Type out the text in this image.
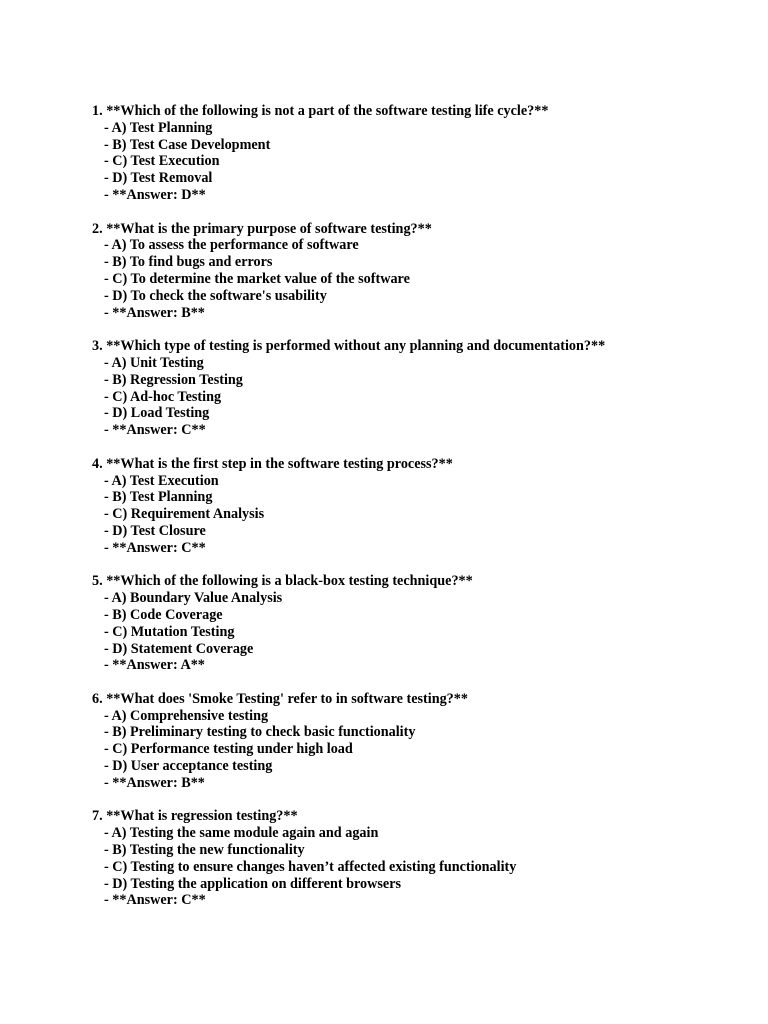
1. **Which of the following is not a part of the software testing life cycle?**
- A) Test Planning
- B) Test Case Development
- C) Test Execution
- D) Test Removal
- **Answer: D**
2. **What is the primary purpose of software testing?**
- A) To assess the performance of software
- B) To find bugs and errors
- C) To determine the market value of the software
- D) To check the software's usability
- **Answer: B**
3. **Which type of testing is performed without any planning and documentation?**
- A) Unit Testing
- B) Regression Testing
- C) Ad-hoc Testing
- D) Load Testing
- **Answer: C**
4. **What is the first step in the software testing process?**
- A) Test Execution
- B) Test Planning
- C) Requirement Analysis
- D) Test Closure
- **Answer: C**
5. **Which of the following is a black-box testing technique?**
- A) Boundary Value Analysis
- B) Code Coverage
- C) Mutation Testing
- D) Statement Coverage
- **Answer: A**
6. **What does 'Smoke Testing' refer to in software testing?**
- A) Comprehensive testing
- B) Preliminary testing to check basic functionality
- C) Performance testing under high load
- D) User acceptance testing
- **Answer: B**
7. **What is regression testing?**
- A) Testing the same module again and again
- B) Testing the new functionality
- C) Testing to ensure changes haven’t affected existing functionality
- D) Testing the application on different browsers
- **Answer: C**
